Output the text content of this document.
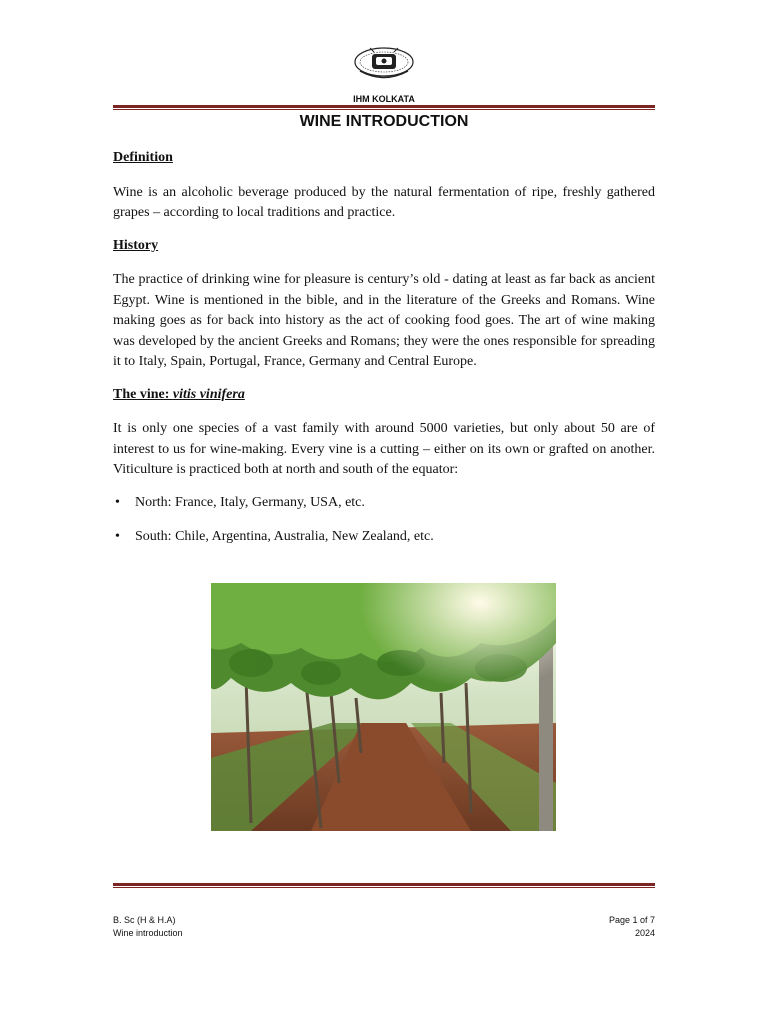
IHM KOLKATA
WINE INTRODUCTION
Definition

Wine is an alcoholic beverage produced by the natural fermentation of ripe, freshly gathered grapes – according to local traditions and practice.

History

The practice of drinking wine for pleasure is century’s old - dating at least as far back as ancient Egypt. Wine is mentioned in the bible, and in the literature of the Greeks and Romans. Wine making goes as for back into history as the act of cooking food goes. The art of wine making was developed by the ancient Greeks and Romans; they were the ones responsible for spreading it to Italy, Spain, Portugal, France, Germany and Central Europe.

The vine: vitis vinifera

It is only one species of a vast family with around 5000 varieties, but only about 50 are of interest to us for wine-making. Every vine is a cutting – either on its own or grafted on another. Viticulture is practiced both at north and south of the equator:

• North: France, Italy, Germany, USA, etc.
• South: Chile, Argentina, Australia, New Zealand, etc.
B. Sc (H & H.A)
Wine introduction
Page 1 of 7
2024
